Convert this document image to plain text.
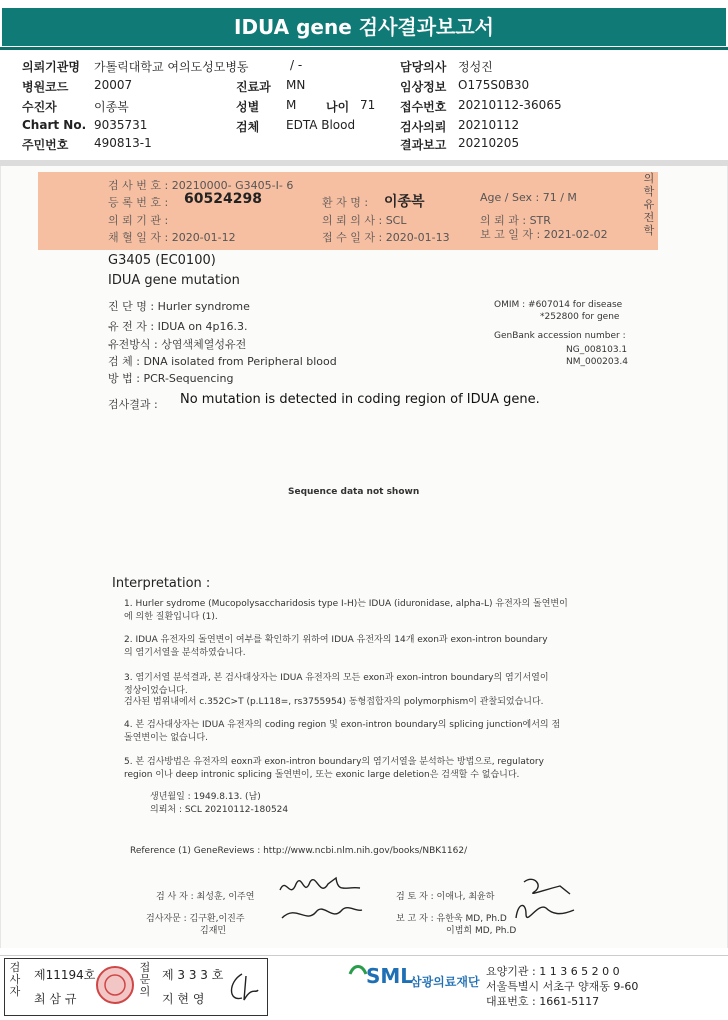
IDUA gene 검사결과보고서
의뢰기관명 가톨릭대학교 여의도성모병동	/ -	담당의사 정성진
병원코드 20007	진료과 MN	임상정보 O175S0B30
수진자	이종복	성별 M 나이 71 접수번호 20210112-36065
Chart No. 9035731	검체 EDTA Blood	검사의뢰 20210112
주민번호 490813-1	결과보고 20210205
검 사 번 호 : 20210000- G3405-I- 6
등 록 번 호 : 60524298	환 자 명 : 이종복	Age / Sex : 71 / M
의 뢰 기 관 :	의 뢰 의 사 : SCL	의 뢰 과 : STR
채 혈 일 자 : 2020-01-12	접 수 일 자 : 2020-01-13	보 고 일 자 : 2021-02-02
의학유전학
G3405 (EC0100)
IDUA gene mutation
진 단 명 : Hurler syndrome
유 전 자 : IDUA on 4p16.3.
유전방식 : 상염색체열성유전
검 체 : DNA isolated from Peripheral blood
방 법 : PCR-Sequencing
OMIM : #607014 for disease
*252800 for gene
GenBank accession number :
NG_008103.1
NM_000203.4
검사결과 : No mutation is detected in coding region of IDUA gene.
Sequence data not shown
Interpretation :
1. Hurler sydrome (Mucopolysaccharidosis type I-H)는 IDUA (iduronidase, alpha-L) 유전자의 돌연변이
에 의한 질환입니다 (1).
2. IDUA 유전자의 돌연변이 여부를 확인하기 위하여 IDUA 유전자의 14개 exon과 exon-intron boundary
의 염기서열을 분석하였습니다.
3. 염기서열 분석결과, 본 검사대상자는 IDUA 유전자의 모든 exon과 exon-intron boundary의 염기서열이
정상이었습니다.
검사된 범위내에서 c.352C>T (p.L118=, rs3755954) 동형접합자의 polymorphism이 관찰되었습니다.
4. 본 검사대상자는 IDUA 유전자의 coding region 및 exon-intron boundary의 splicing junction에서의 점
돌연변이는 없습니다.
5. 본 검사방법은 유전자의 eoxn과 exon-intron boundary의 염기서열을 분석하는 방법으로, regulatory
region 이나 deep intronic splicing 돌연변이, 또는 exonic large deletion은 검색할 수 없습니다.
생년월일 : 1949.8.13. (남)
의뢰처 : SCL 20210112-180524
Reference (1) GeneReviews : http://www.ncbi.nlm.nih.gov/books/NBK1162/
검 사 자 : 최성훈, 이주연
검사자문 : 김구환,이진주
김재민
검 토 자 : 이애나, 최윤하
보 고 자 : 유한욱 MD, Ph.D
이범희 MD, Ph.D
검사자
제11194호
최 삼 규
접문의
제 3 3 3 호
지 현 영
SML
삼광의료재단
요양기관 : 1 1 3 6 5 2 0 0
서울특별시 서초구 양재동 9-60
대표번호 : 1661-5117
